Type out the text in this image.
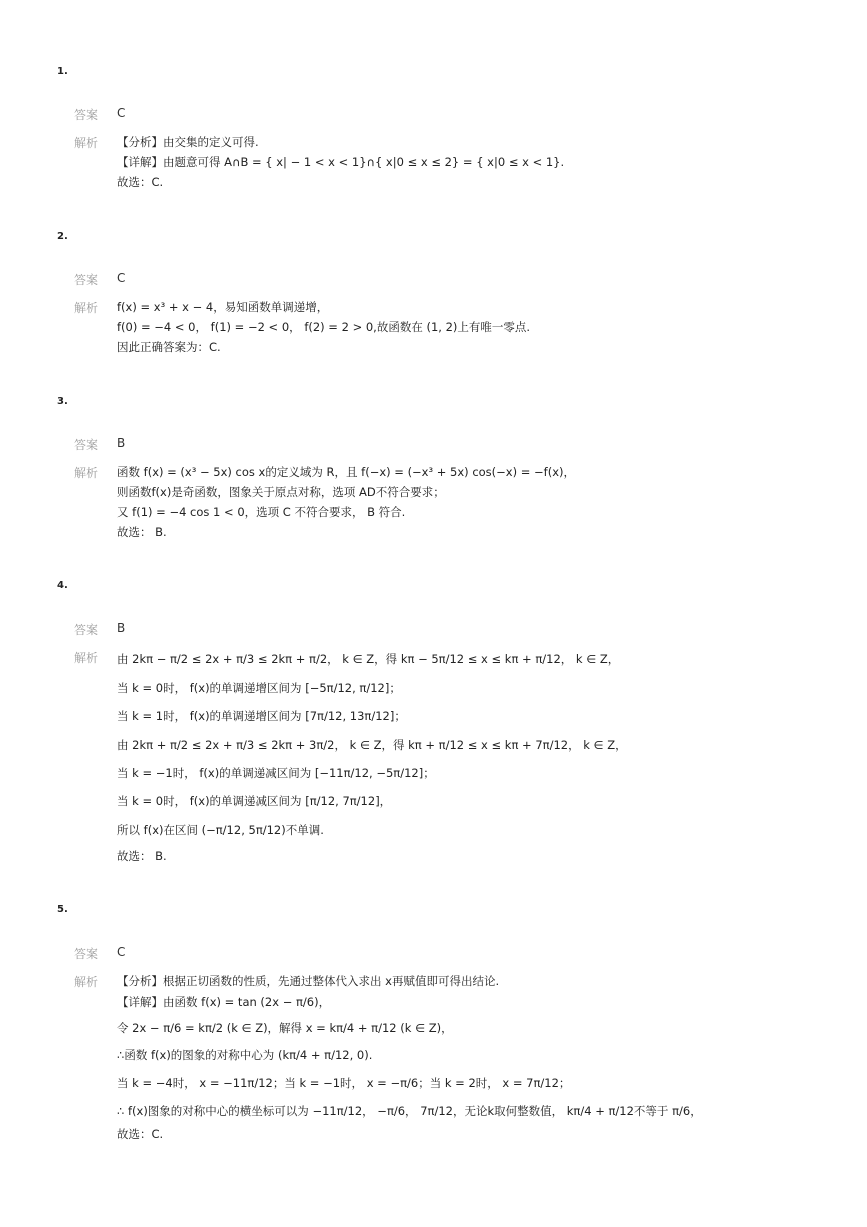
1.
答案 C
解析 【分析】由交集的定义可得.
【详解】由题意可得 A∩B = { x| − 1 < x < 1}∩{ x|0 ≤ x ≤ 2} = { x|0 ≤ x < 1}.
故选：C.
2.
答案 C
解析 f(x) = x³ + x − 4，易知函数单调递增，
f(0) = −4 < 0， f(1) = −2 < 0， f(2) = 2 > 0,故函数在 (1, 2)上有唯一零点.
因此正确答案为：C.
3.
答案 B
解析 函数 f(x) = (x³ − 5x) cos x的定义域为 R，且 f(−x) = (−x³ + 5x) cos(−x) = −f(x)，
则函数f(x)是奇函数，图象关于原点对称，选项 AD不符合要求；
又 f(1) = −4 cos 1 < 0，选项 C 不符合要求， B 符合.
故选： B.
4.
答案 B
解析 由 2kπ − π/2 ≤ 2x + π/3 ≤ 2kπ + π/2， k ∈ Z，得 kπ − 5π/12 ≤ x ≤ kπ + π/12， k ∈ Z，
当 k = 0时， f(x)的单调递增区间为 [−5π/12, π/12]；
当 k = 1时， f(x)的单调递增区间为 [7π/12, 13π/12]；
由 2kπ + π/2 ≤ 2x + π/3 ≤ 2kπ + 3π/2， k ∈ Z，得 kπ + π/12 ≤ x ≤ kπ + 7π/12， k ∈ Z，
当 k = −1时， f(x)的单调递减区间为 [−11π/12, −5π/12]；
当 k = 0时， f(x)的单调递减区间为 [π/12, 7π/12]，
所以 f(x)在区间 (−π/12, 5π/12)不单调.
故选： B.
5.
答案 C
解析 【分析】根据正切函数的性质，先通过整体代入求出 x再赋值即可得出结论.
【详解】由函数 f(x) = tan (2x − π/6)，
令 2x − π/6 = kπ/2 (k ∈ Z)，解得 x = kπ/4 + π/12 (k ∈ Z)，
∴函数 f(x)的图象的对称中心为 (kπ/4 + π/12, 0).
当 k = −4时， x = −11π/12；当 k = −1时， x = −π/6；当 k = 2时， x = 7π/12；
∴ f(x)图象的对称中心的横坐标可以为 −11π/12， −π/6， 7π/12，无论k取何整数值， kπ/4 + π/12不等于 π/6，
故选：C.
